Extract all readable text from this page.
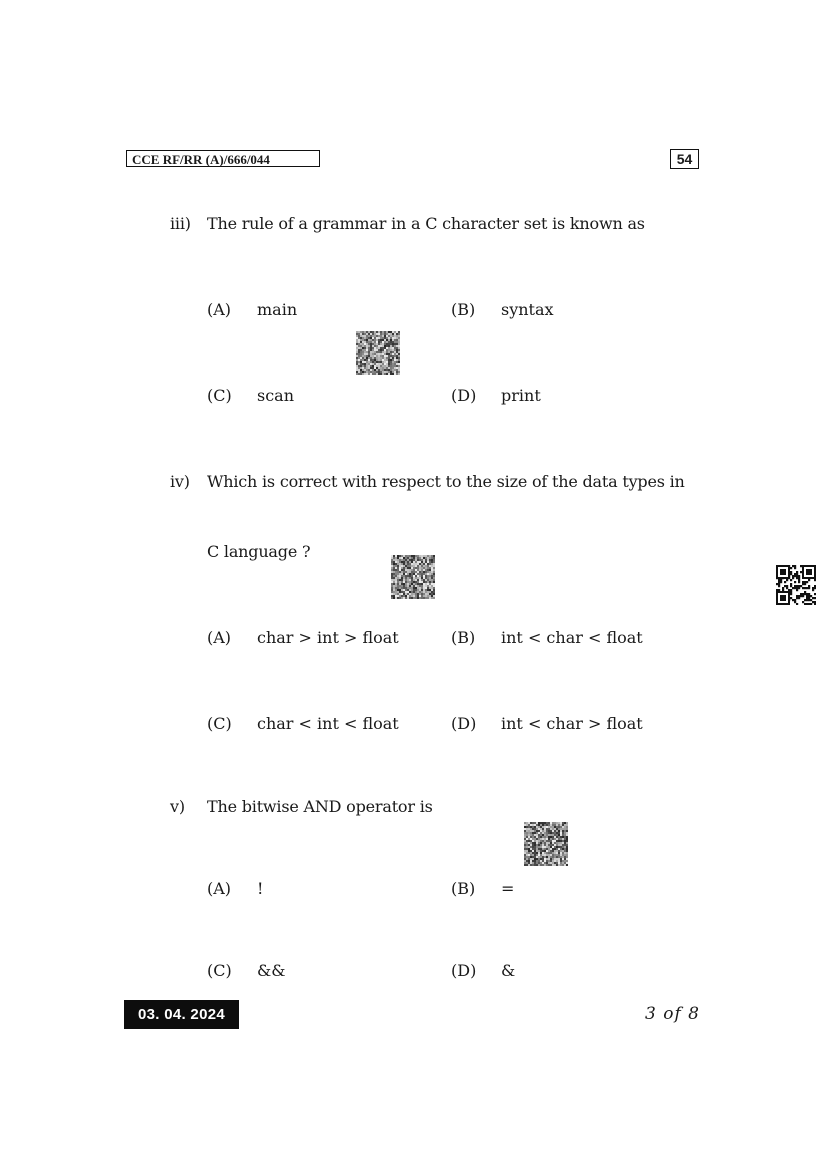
CCE RF/RR (A)/666/044	54
iii) The rule of a grammar in a C character set is known as
(A) main	(B) syntax
(C) scan	(D) print
iv) Which is correct with respect to the size of the data types in
C language ?
(A) char > int > float	(B) int < char < float
(C) char < int < float	(D) int < char > float
v) The bitwise AND operator is
(A) !	(B) =
(C) &&	(D) &
03. 04. 2024	3 of 8
